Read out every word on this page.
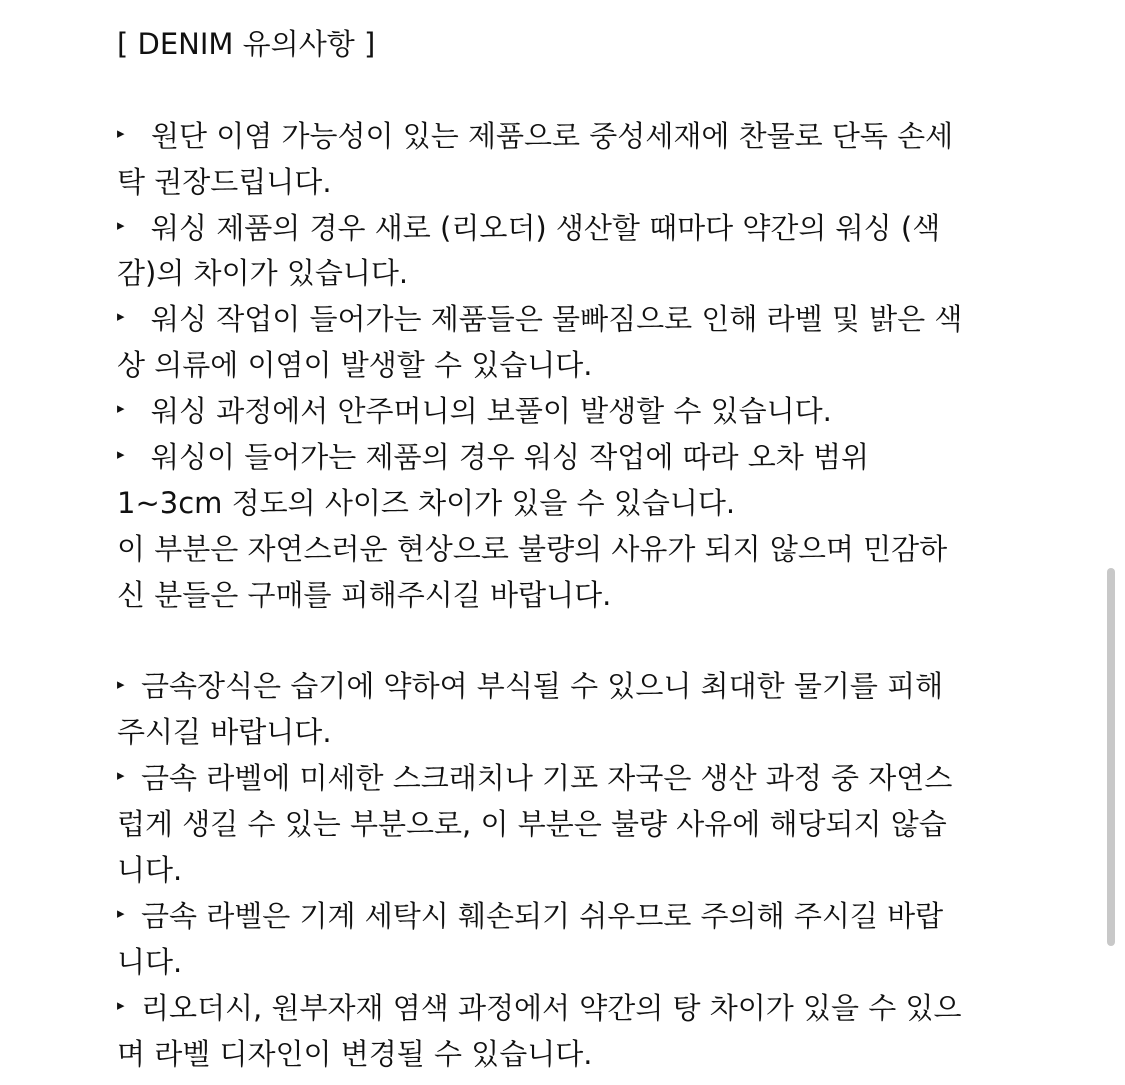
[ DENIM 유의사항 ]
▸ 원단 이염 가능성이 있는 제품으로 중성세재에 찬물로 단독 손세
탁 권장드립니다.
▸ 워싱 제품의 경우 새로 (리오더) 생산할 때마다 약간의 워싱 (색
감)의 차이가 있습니다.
▸ 워싱 작업이 들어가는 제품들은 물빠짐으로 인해 라벨 및 밝은 색
상 의류에 이염이 발생할 수 있습니다.
▸ 워싱 과정에서 안주머니의 보풀이 발생할 수 있습니다.
▸ 워싱이 들어가는 제품의 경우 워싱 작업에 따라 오차 범위
1~3cm 정도의 사이즈 차이가 있을 수 있습니다.
이 부분은 자연스러운 현상으로 불량의 사유가 되지 않으며 민감하
신 분들은 구매를 피해주시길 바랍니다.
▸ 금속장식은 습기에 약하여 부식될 수 있으니 최대한 물기를 피해
주시길 바랍니다.
▸ 금속 라벨에 미세한 스크래치나 기포 자국은 생산 과정 중 자연스
럽게 생길 수 있는 부분으로, 이 부분은 불량 사유에 해당되지 않습
니다.
▸ 금속 라벨은 기계 세탁시 훼손되기 쉬우므로 주의해 주시길 바랍
니다.
▸ 리오더시, 원부자재 염색 과정에서 약간의 탕 차이가 있을 수 있으
며 라벨 디자인이 변경될 수 있습니다.
